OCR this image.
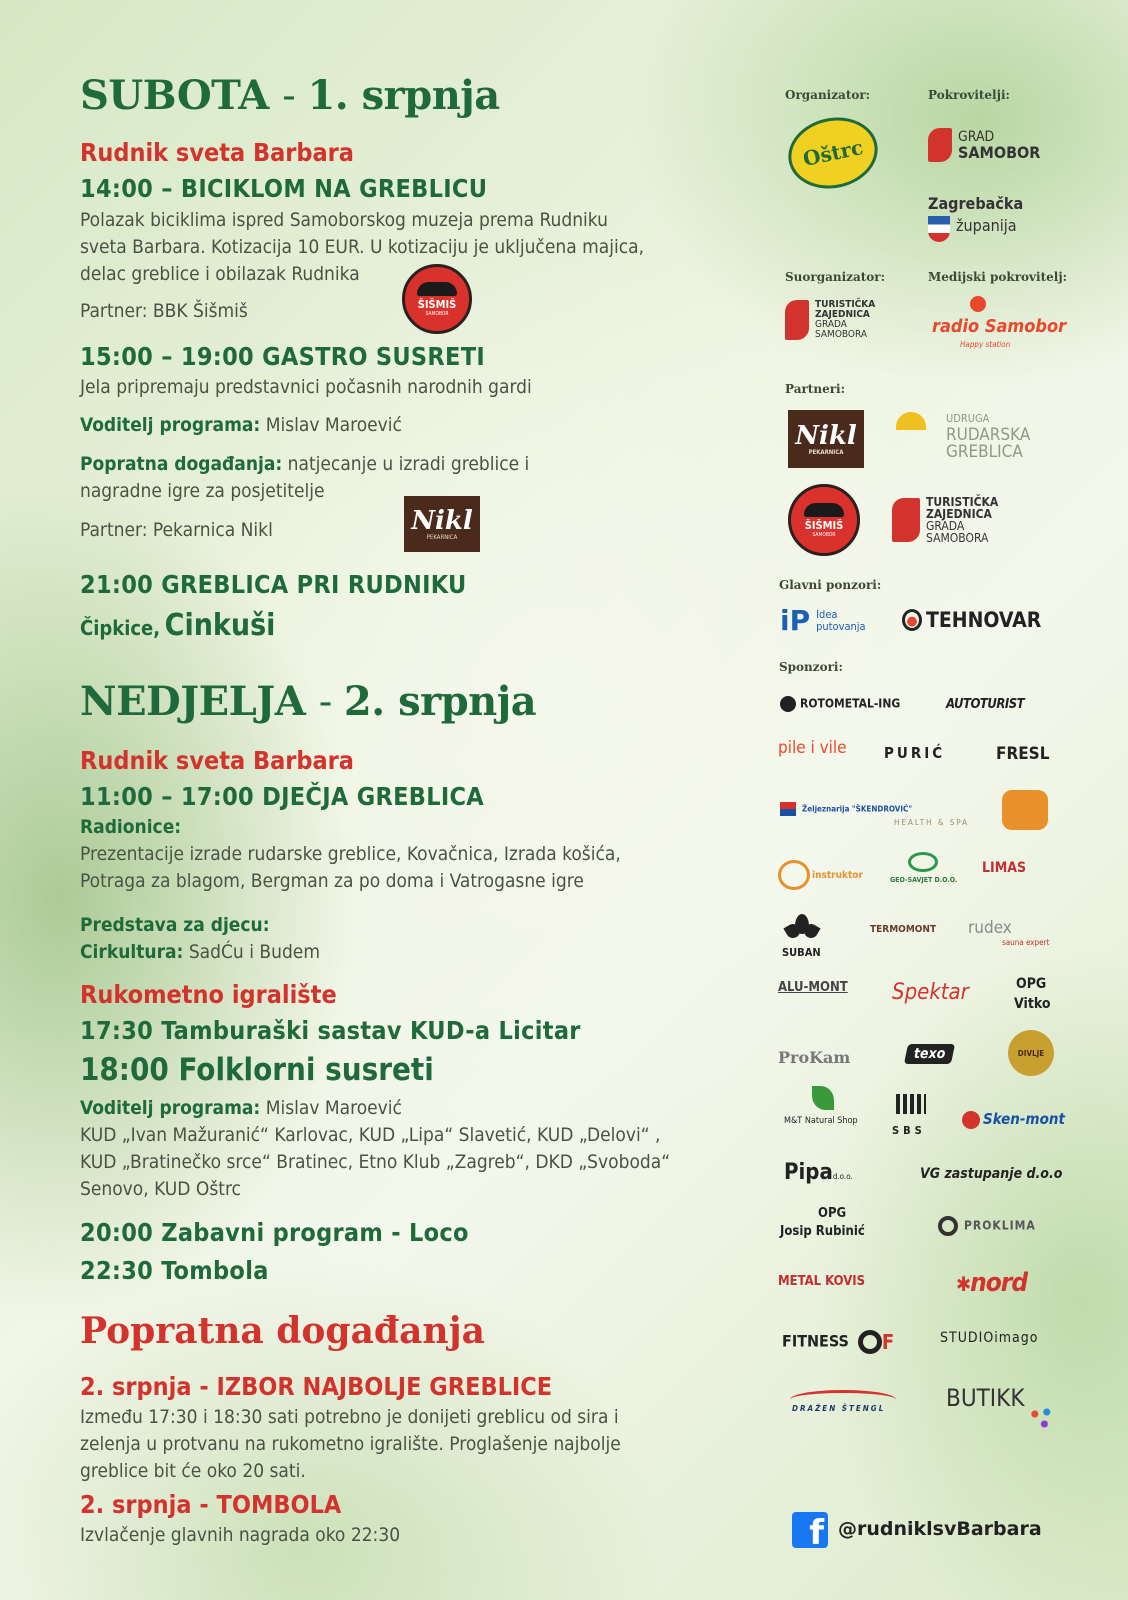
SUBOTA - 1. srpnja
Rudnik sveta Barbara
14:00 – BICIKLOM NA GREBLICU
Polazak biciklima ispred Samoborskog muzeja prema Rudniku sveta Barbara. Kotizacija 10 EUR. U kotizaciju je uključena majica, delac greblice i obilazak Rudnika
Partner: BBK Šišmiš	ŠIŠMIŠ
SAMOBOR
15:00 – 19:00 GASTRO SUSRETI
Jela pripremaju predstavnici počasnih narodnih gardi
Voditelj programa: Mislav Maroević
Popratna događanja: natjecanje u izradi greblice i nagradne igre za posjetitelje
Partner: Pekarnica Nikl	Nikl
PEKARNICA
21:00 GREBLICA PRI RUDNIKU
Čipkice, Cinkuši
NEDJELJA - 2. srpnja
Rudnik sveta Barbara
11:00 – 17:00 DJEČJA GREBLICA
Radionice:
Prezentacije izrade rudarske greblice, Kovačnica, Izrada košića, Potraga za blagom, Bergman za po doma i Vatrogasne igre
Predstava za djecu:
Cirkultura: SadĆu i Budem
Rukometno igralište
17:30 Tamburaški sastav KUD-a Licitar
18:00 Folklorni susreti
Voditelj programa: Mislav Maroević
KUD „Ivan Mažuranić“ Karlovac, KUD „Lipa“ Slavetić, KUD „Delovi“ , KUD „Bratinečko srce“ Bratinec, Etno Klub „Zagreb“, DKD „Svoboda“ Senovo, KUD Oštrc
20:00 Zabavni program - Loco
22:30 Tombola
Popratna događanja
2. srpnja - IZBOR NAJBOLJE GREBLICE
Između 17:30 i 18:30 sati potrebno je donijeti greblicu od sira i zelenja u protvanu na rukometno igralište. Proglašenje najbolje greblice bit će oko 20 sati.
2. srpnja - TOMBOLA
Izvlačenje glavnih nagrada oko 22:30
Organizator:	Pokrovitelji:
Oštrc	GRAD
SAMOBOR
Zagrebačka
županija
Suorganizator:	Medijski pokrovitelj:
TURISTIČKA
ZAJEDNICA
GRADA
SAMOBORA	radio Samobor
Happy station
Partneri:
Nikl
PEKARNICA
UDRUGA
RUDARSKA
GREBLICA
ŠIŠMIŠ
SAMOBOR
TURISTIČKA
ZAJEDNICA
GRADA
SAMOBORA
Glavni ponzori:
iP Idea
putovanja	TEHNOVAR
Sponzori:
ROTOMETAL-ING	AUTOTURIST
pile i vile PURIĆ	FRESL
Željeznarija "ŠKENDROVIĆ"
HEALTH & SPA
instruktor	GEO-SAVJET D.O.O.
LIMAS
SUBAN
TERMOMONT rudex
sauna expert
ALU-MONT Spektar	OPG
Vitko
ProKam	texo	DIVLJE
M&T Natural Shop
SBS
Sken-mont
Pipad.o.o.	VG zastupanje d.o.o
OPG
Josip Rubinić	PROKLIMA
METAL KOVIS	✱nord
FITNESS F	STUDIOimago
DRAŽEN ŠTENGL	BUTIKK
f @rudniklsvBarbara
